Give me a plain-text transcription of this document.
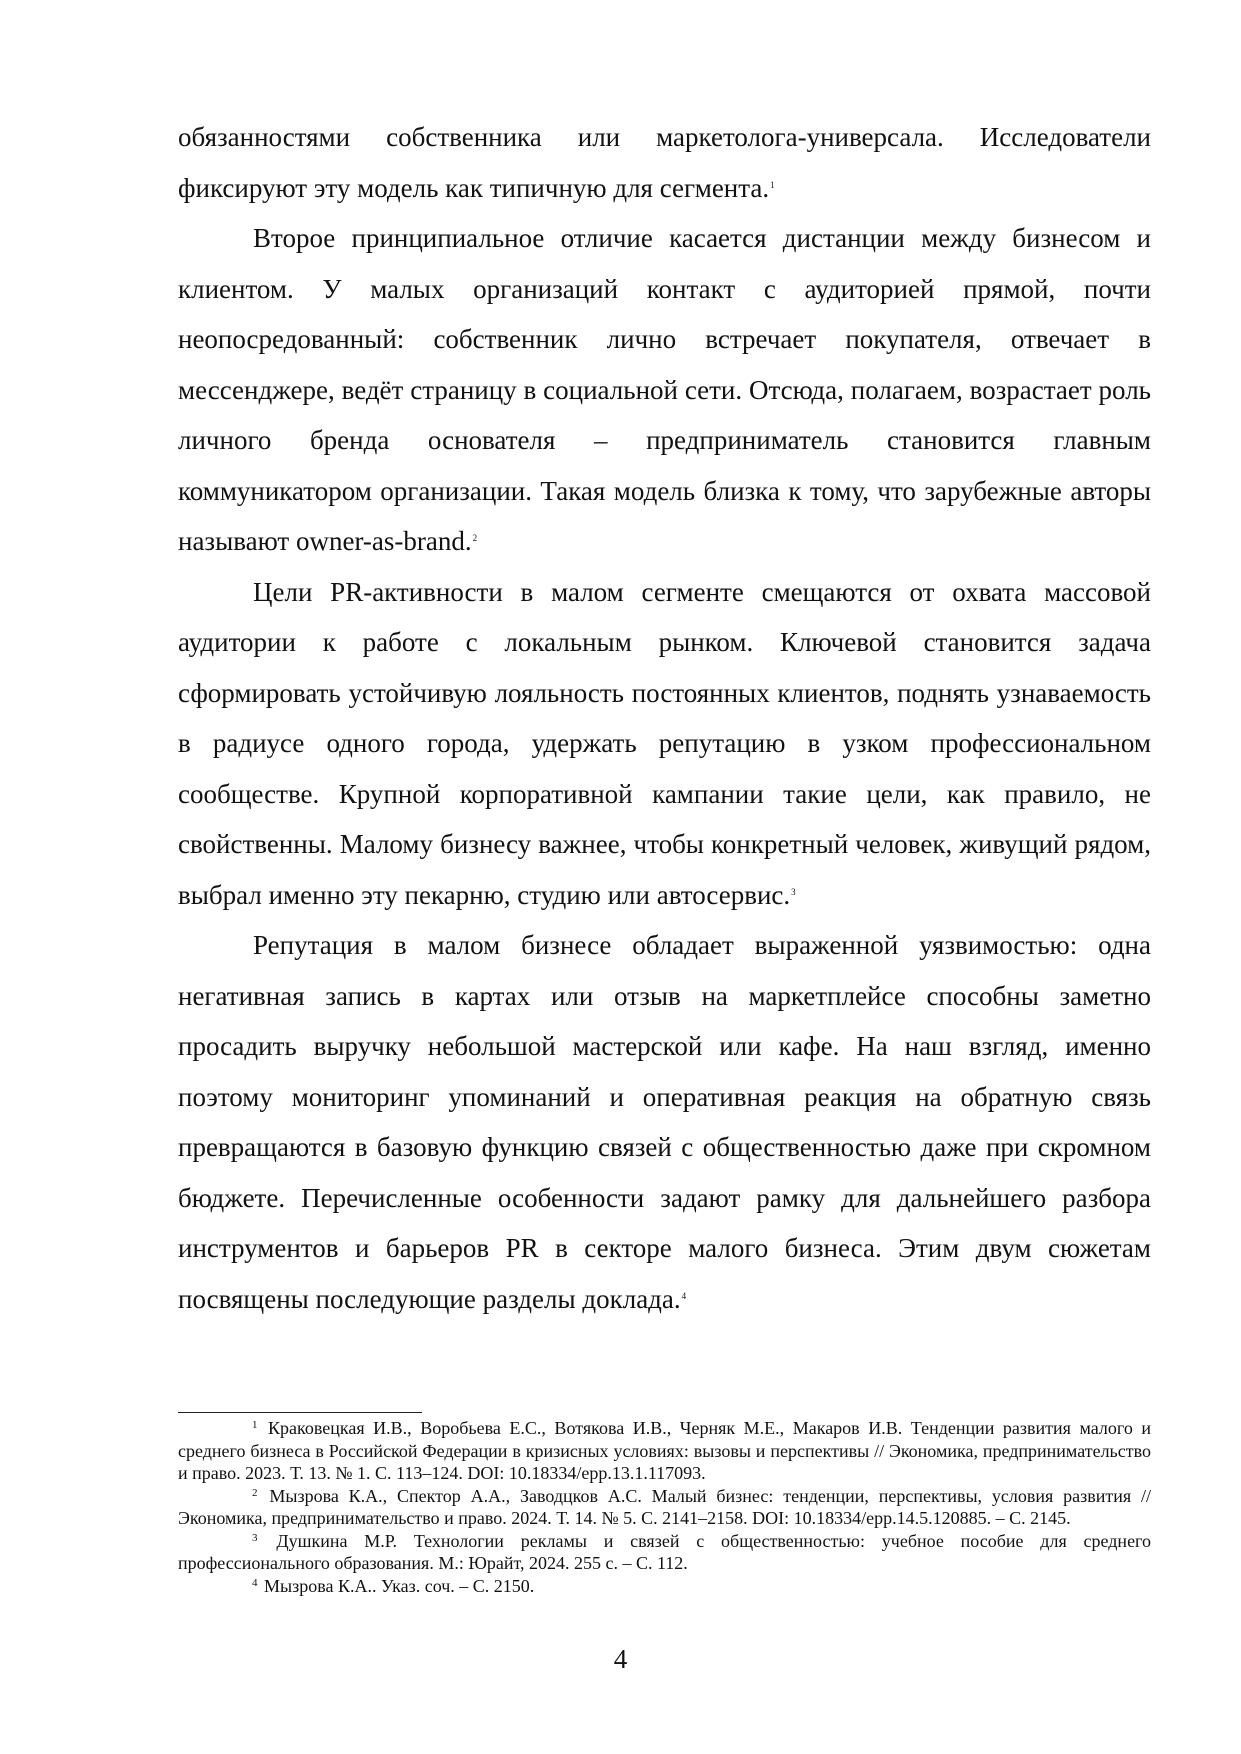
обязанностями собственника или маркетолога-универсала. Исследователи фиксируют эту модель как типичную для сегмента.$^1$

Второе принципиальное отличие касается дистанции между бизнесом и клиентом. У малых организаций контакт с аудиторией прямой, почти неопосредованный: собственник лично встречает покупателя, отвечает в мессенджере, ведёт страницу в социальной сети. Отсюда, полагаем, возрастает роль личного бренда основателя – предприниматель становится главным коммуникатором организации. Такая модель близка к тому, что зарубежные авторы называют owner-as-brand.$^2$

Цели PR-активности в малом сегменте смещаются от охвата массовой аудитории к работе с локальным рынком. Ключевой становится задача сформировать устойчивую лояльность постоянных клиентов, поднять узнаваемость в радиусе одного города, удержать репутацию в узком профессиональном сообществе. Крупной корпоративной кампании такие цели, как правило, не свойственны. Малому бизнесу важнее, чтобы конкретный человек, живущий рядом, выбрал именно эту пекарню, студию или автосервис.$^3$

Репутация в малом бизнесе обладает выраженной уязвимостью: одна негативная запись в картах или отзыв на маркетплейсе способны заметно просадить выручку небольшой мастерской или кафе. На наш взгляд, именно поэтому мониторинг упоминаний и оперативная реакция на обратную связь превращаются в базовую функцию связей с общественностью даже при скромном бюджете. Перечисленные особенности задают рамку для дальнейшего разбора инструментов и барьеров PR в секторе малого бизнеса. Этим двум сюжетам посвящены последующие разделы доклада.$^4$

$^1$ Краковецкая И.В., Воробьева Е.С., Вотякова И.В., Черняк М.Е., Макаров И.В. Тенденции развития малого и среднего бизнеса в Российской Федерации в кризисных условиях: вызовы и перспективы // Экономика, предпринимательство и право. 2023. Т. 13. № 1. С. 113–124. DOI: 10.18334/epp.13.1.117093.

$^2$ Мызрова К.А., Спектор А.А., Заводцков А.С. Малый бизнес: тенденции, перспективы, условия развития // Экономика, предпринимательство и право. 2024. Т. 14. № 5. С. 2141–2158. DOI: 10.18334/epp.14.5.120885. – С. 2145.

$^3$ Душкина М.Р. Технологии рекламы и связей с общественностью: учебное пособие для среднего профессионального образования. М.: Юрайт, 2024. 255 с. – С. 112.

$^4$ Мызрова К.А.. Указ. соч. – С. 2150.

4
